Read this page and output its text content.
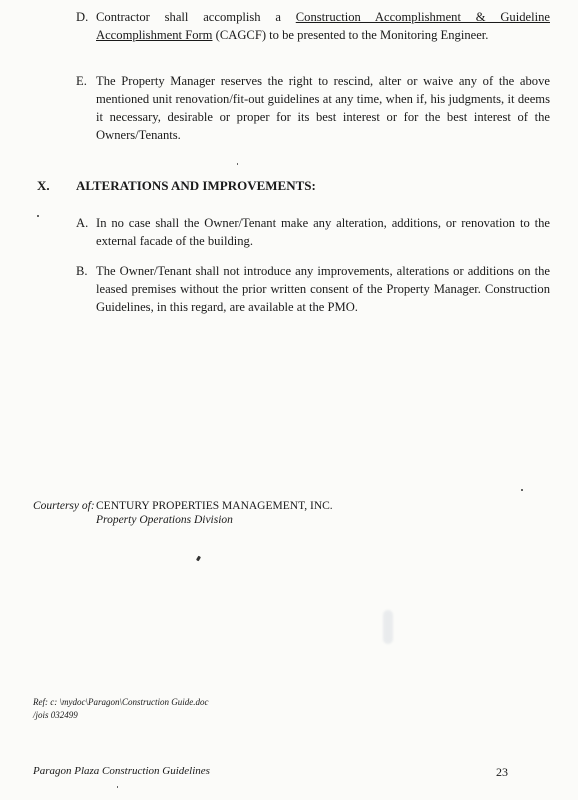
D. Contractor shall accomplish a Construction Accomplishment & Guideline Accomplishment Form (CAGCF) to be presented to the Monitoring Engineer.
E. The Property Manager reserves the right to rescind, alter or waive any of the above mentioned unit renovation/fit-out guidelines at any time, when if, his judgments, it deems it necessary, desirable or proper for its best interest or for the best interest of the Owners/Tenants.
X. ALTERATIONS AND IMPROVEMENTS:
A. In no case shall the Owner/Tenant make any alteration, additions, or renovation to the external facade of the building.
B. The Owner/Tenant shall not introduce any improvements, alterations or additions on the leased premises without the prior written consent of the Property Manager. Construction Guidelines, in this regard, are available at the PMO.
Courtersy of: CENTURY PROPERTIES MANAGEMENT, INC.
Property Operations Division
Ref: c: \mydoc\Paragon\Construction Guide.doc
/jois 032499
Paragon Plaza Construction Guidelines	23
